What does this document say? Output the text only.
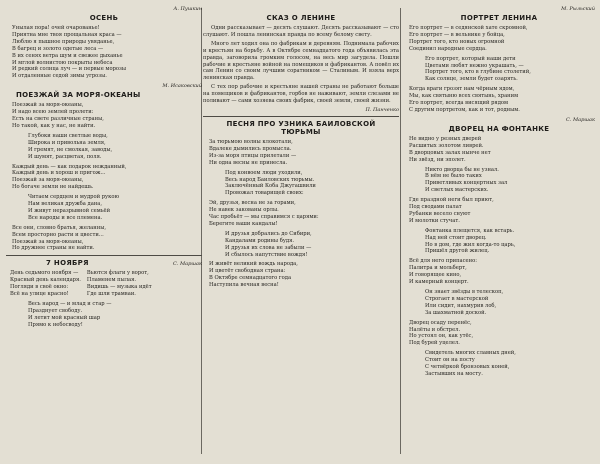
А. Пушкин
ОСЕНЬ
Унылая пора! очей очарованье!
Приятна мне твоя прощальная краса —
Люблю я пышное природы увяданье,
В багрец и золото одетые леса —
В их сенях ветра шум и свежее дыханье
И мглой волнистою покрыты небеса
И редкий солнца луч — и первые морозы
И отдаленные седой зимы угрозы.
М. Исаковский
ПОЕЗЖАЙ ЗА МОРЯ-ОКЕАНЫ
Поезжай за моря-океаны,
И надо всею землей пролети:
Есть на свете различные страны,
Но такой, как у нас, не найти.
Глубоки наши светлые воды,
Широка и привольна земля,
И гремят, не смолкая, заводы,
И шумят, расцветая, поля.
Каждый день — как подарок нежданный,
Каждый день и хорош и пригож...
Поезжай за моря-океаны,
Но богаче земли не найдешь.
Читаем сердцем и мудрой рукою
Нам великая дружба дана,
И живут неразрывной семьёй
Все народы и все племена.
Все они, словно братья, желанны,
Всем просторно расти и цвести...
Поезжай за моря-океаны,
Но дружнее страны не найти.
7 НОЯБРЯ	С. Маршак
День седьмого ноября —
Красный день календаря.
Погляди в своё окно:
Всё на улице красно!
Вьются флаги у ворот,
Пламенем пылая.
Видишь — музыка идёт
Где шли трамваи.
Весь народ — и млад и стар —
Празднует свободу.
И летит мой красный шар
Прямо к небосводу!
СКАЗ О ЛЕНИНЕ
Одни рассказывает — десять слушают. Десять рассказывают — сто слушают. И пошла ленинская правда по всему белому свету.
Много лет ходил она по фабрикам и деревням. Поднимала рабочих и крестьян на борьбу. А в Октябре семнадцатого года объявилась эта правда, заговорила громким голосом, на весь мир загудела. Пошли рабочие и крестьяне войной на помещиков и фабрикантов. А повёл их сам Ленин со своим лучшим соратником — Сталиным. И взяла верх ленинская правда.
С тех пор рабочие и крестьяне нашей страны не работают больше на помещиков и фабрикантов, горбов не наживают, земли слезами не поливают — сами хозяева своих фабрик, своей земли, своей жизни.
П. Панченко
ПЕСНЯ ПРО УЗНИКА БАИЛОВСКОЙ ТЮРЬМЫ
За тюрьмою волны клокотали,
Вдалеке дымились промысла.
Из-за моря птицы прилетали —
Ни одна весны не принесла.
Под конвоем люди уходили,
Весь народ Баиловских тюрьмы.
Заключённый Коба Джугашвили
Провожал товарищей своих:
Эй, друзья, весна не за горами,
Не навек закованы орлы.
Час пробьёт — мы справимся с царями:
Берегите ваши кандалы!
И друзья добрались до Сибири,
Кандалами родины будя.
И друзья их слова не забыли —
И сбылось напутствие вождя!
И живёт великий вождь народа,
И цветёт свободная страна:
В Октябре семнадцатого года
Наступила вечная весна!
М. Рыльский
ПОРТРЕТ ЛЕНИНА
Его портрет — в седянской хате скромной,
Его портрет — в вельнике у бойца,
Портрет того, кто новых огромной
Соединил народные сердца.
Его портрет, который наши дети
Цветами любят нежно украшать, —
Портрет того, кто в глубине столетий,
Как солнце, земли будет озарять.
Когда враги грозят нам чёрным ядом,
Мы, как святыню всех святынь, храним
Его портрет, всегда висящий рядом
С другим портретом, как и тот, родным.
С. Маршак
ДВОРЕЦ НА ФОНТАНКЕ
Не видно у резных дверей
Расшитых золотом ливрей.
В дворцовых залах нынче нет
Ни звёзд, ни эполет.
Никто дворца бы не узнал.
В нём не было таких
Приветливых концертных зал
И светлых мастерских.
Где праздной неги был приют,
Под сводами палат
Рубанки весело снуют
И молотки стучат.
Фонтанка плещется, как встарь.
Над ней стоит дворец.
Но в дом, где жил когда-то царь,
Пришёл другой жилец.
Всё для него припасено:
Палитра и мольберт,
И говорящее кино,
И камерный концерт.
Он знает звёзды в телескоп,
Строгает в мастерской
Или сидит, нахмурив лоб,
За шахматной доской.
Дворец осаду перенёс,
Налёты и обстрел.
Но устоял он, как утёс,
Под бурей уцелел.
Свидетель многих славных дней,
Стоит он на посту
С четвёркой бронзовых коней,
Застывших на мосту.
